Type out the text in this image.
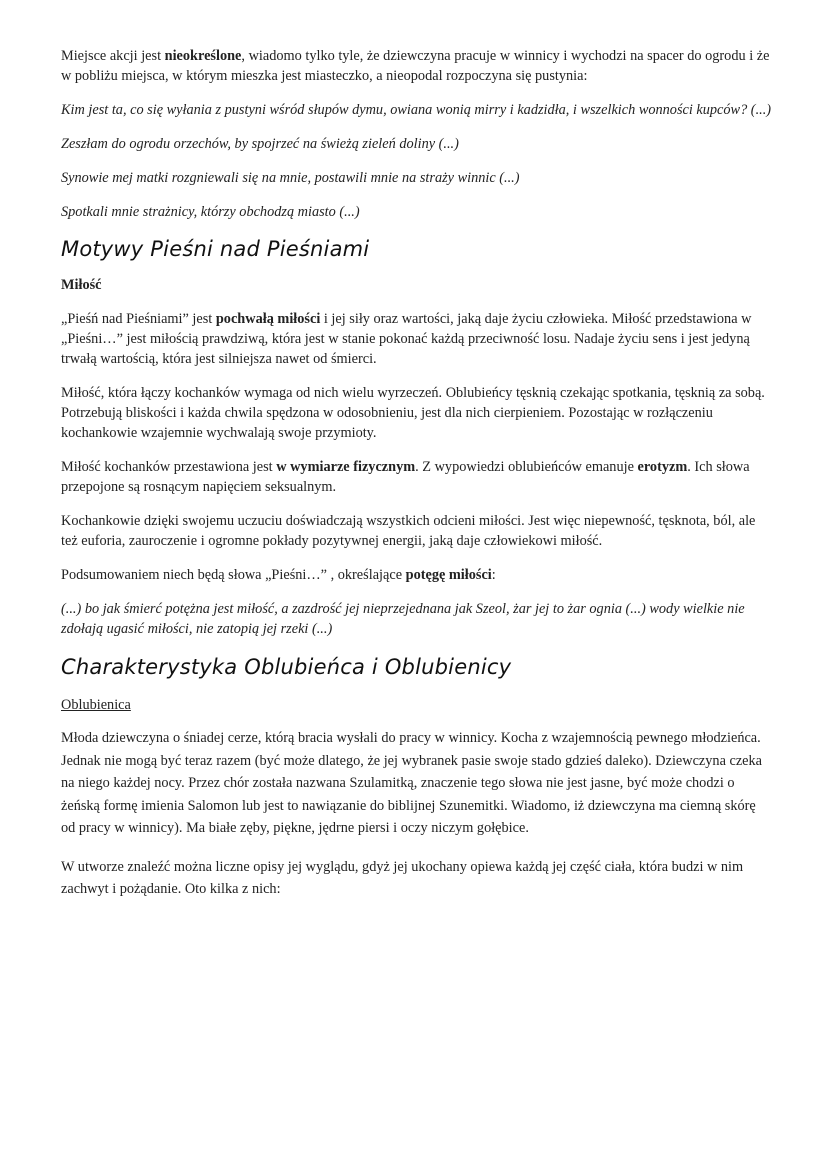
Miejsce akcji jest nieokreślone, wiadomo tylko tyle, że dziewczyna pracuje w winnicy i wychodzi na spacer do ogrodu i że w pobliżu miejsca, w którym mieszka jest miasteczko, a nieopodal rozpoczyna się pustynia:

Kim jest ta, co się wyłania z pustyni wśród słupów dymu, owiana wonią mirry i kadzidła, i wszelkich wonności kupców? (...)

Zeszłam do ogrodu orzechów, by spojrzeć na świeżą zieleń doliny (...)

Synowie mej matki rozgniewali się na mnie, postawili mnie na straży winnic (...)

Spotkali mnie strażnicy, którzy obchodzą miasto (...)

Motywy Pieśni nad Pieśniami

Miłość

„Pieśń nad Pieśniami” jest pochwałą miłości i jej siły oraz wartości, jaką daje życiu człowieka. Miłość przedstawiona w „Pieśni…” jest miłością prawdziwą, która jest w stanie pokonać każdą przeciwność losu. Nadaje życiu sens i jest jedyną trwałą wartością, która jest silniejsza nawet od śmierci.

Miłość, która łączy kochanków wymaga od nich wielu wyrzeczeń. Oblubieńcy tęsknią czekając spotkania, tęsknią za sobą. Potrzebują bliskości i każda chwila spędzona w odosobnieniu, jest dla nich cierpieniem. Pozostając w rozłączeniu kochankowie wzajemnie wychwalają swoje przymioty.

Miłość kochanków przestawiona jest w wymiarze fizycznym. Z wypowiedzi oblubieńców emanuje erotyzm. Ich słowa przepojone są rosnącym napięciem seksualnym.

Kochankowie dzięki swojemu uczuciu doświadczają wszystkich odcieni miłości. Jest więc niepewność, tęsknota, ból, ale też euforia, zauroczenie i ogromne pokłady pozytywnej energii, jaką daje człowiekowi miłość.

Podsumowaniem niech będą słowa „Pieśni…” , określające potęgę miłości:

(...) bo jak śmierć potężna jest miłość, a zazdrość jej nieprzejednana jak Szeol, żar jej to żar ognia (...) wody wielkie nie zdołają ugasić miłości, nie zatopią jej rzeki (...)

Charakterystyka Oblubieńca i Oblubienicy

Oblubienica

Młoda dziewczyna o śniadej cerze, którą bracia wysłali do pracy w winnicy. Kocha z wzajemnością pewnego młodzieńca. Jednak nie mogą być teraz razem (być może dlatego, że jej wybranek pasie swoje stado gdzieś daleko). Dziewczyna czeka na niego każdej nocy. Przez chór została nazwana Szulamitką, znaczenie tego słowa nie jest jasne, być może chodzi o żeńską formę imienia Salomon lub jest to nawiązanie do biblijnej Szunemitki. Wiadomo, iż dziewczyna ma ciemną skórę od pracy w winnicy). Ma białe zęby, piękne, jędrne piersi i oczy niczym gołębice.

W utworze znaleźć można liczne opisy jej wyglądu, gdyż jej ukochany opiewa każdą jej część ciała, która budzi w nim zachwyt i pożądanie. Oto kilka z nich:
